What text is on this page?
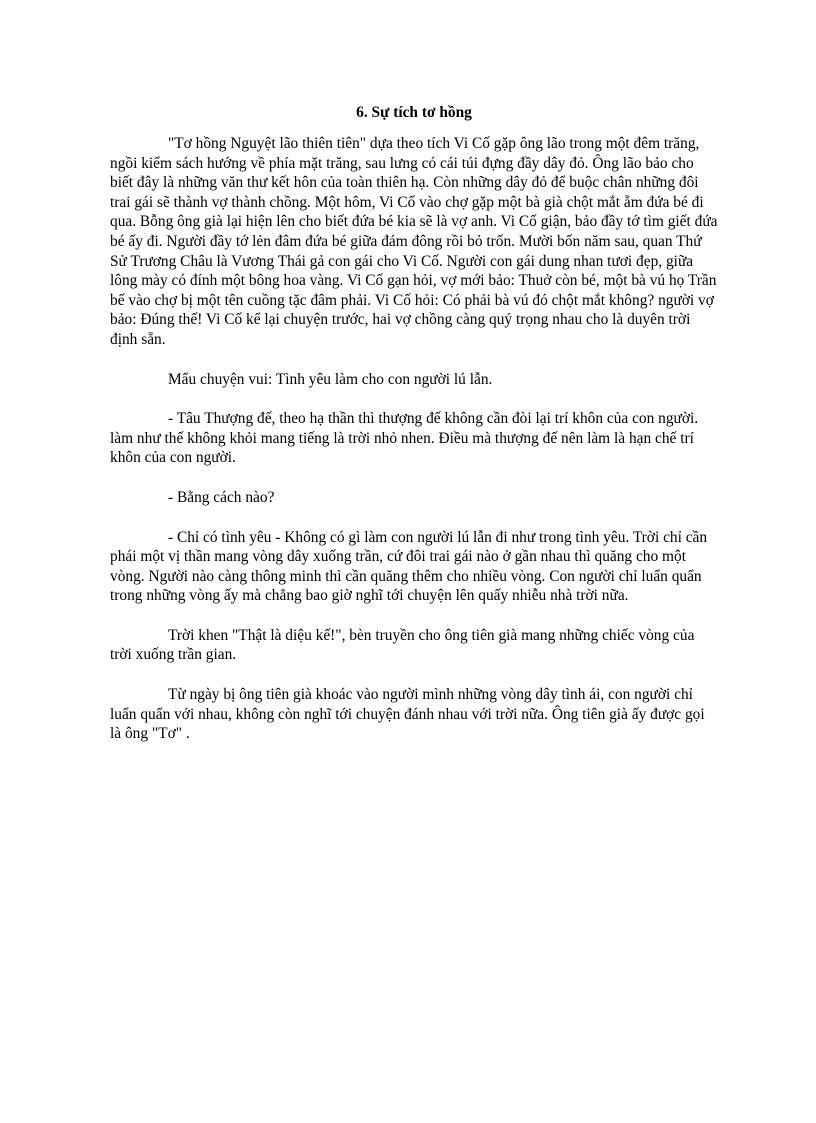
6. Sự tích tơ hồng

"Tơ hồng Nguyệt lão thiên tiên" dựa theo tích Vi Cố gặp ông lão trong một đêm trăng, ngồi kiểm sách hướng về phía mặt trăng, sau lưng có cái túi đựng đầy dây đỏ. Ông lão bảo cho biết đây là những văn thư kết hôn của toàn thiên hạ. Còn những dây đỏ để buộc chân những đôi trai gái sẽ thành vợ thành chồng. Một hôm, Vi Cố vào chợ gặp một bà già chột mắt ẵm đứa bé đi qua. Bỗng ông già lại hiện lên cho biết đứa bé kia sẽ là vợ anh. Vi Cố giận, bảo đầy tớ tìm giết đứa bé ấy đi. Người đầy tớ lẻn đâm đứa bé giữa đám đông rồi bỏ trốn. Mười bốn năm sau, quan Thứ Sử Trương Châu là Vương Thái gả con gái cho Vi Cố. Người con gái dung nhan tươi đẹp, giữa lông mày có đính một bông hoa vàng. Vi Cố gạn hỏi, vợ mới bảo: Thuở còn bé, một bà vú họ Trần bế vào chợ bị một tên cuồng tặc đâm phải. Vi Cố hỏi: Có phải bà vú đó chột mắt không? người vợ bảo: Đúng thế! Vi Cố kể lại chuyện trước, hai vợ chồng càng quý trọng nhau cho là duyên trời định sẵn.

Mẩu chuyện vui: Tình yêu làm cho con người lú lẫn.

- Tâu Thượng đế, theo hạ thần thì thượng đế không cần đòi lại trí khôn của con người. làm như thế không khỏi mang tiếng là trời nhỏ nhen. Điều mà thượng đế nên làm là hạn chế trí khôn của con người.

- Bằng cách nào?

- Chỉ có tình yêu - Không có gì làm con người lú lẫn đi như trong tình yêu. Trời chỉ cần phái một vị thần mang vòng dây xuống trần, cứ đôi trai gái nào ở gần nhau thì quăng cho một vòng. Người nào càng thông minh thì cần quăng thêm cho nhiều vòng. Con người chỉ luẩn quẩn trong những vòng ấy mà chẳng bao giờ nghĩ tới chuyện lên quấy nhiễu nhà trời nữa.

Trời khen "Thật là diệu kế!", bèn truyền cho ông tiên già mang những chiếc vòng của trời xuống trần gian.

Từ ngày bị ông tiên già khoác vào người mình những vòng dây tình ái, con người chỉ luẩn quẩn với nhau, không còn nghĩ tới chuyện đánh nhau với trời nữa. Ông tiên già ấy được gọi là ông "Tơ" .
